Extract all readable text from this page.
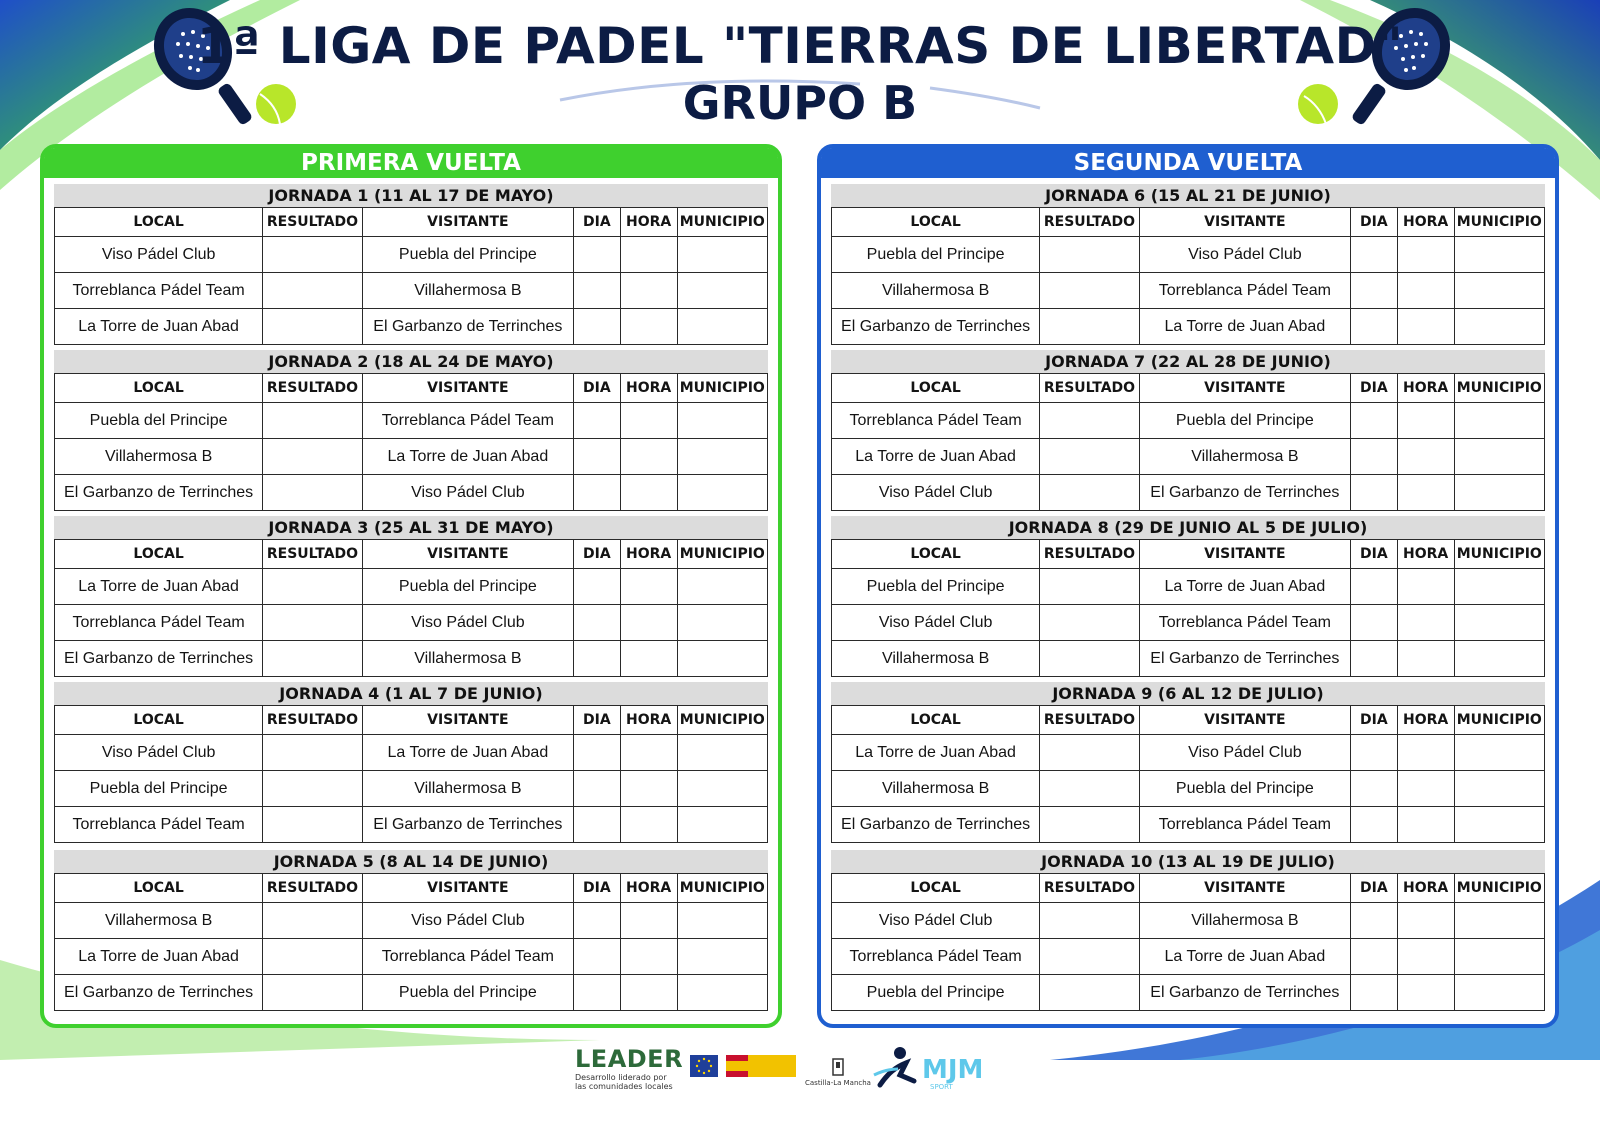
1ª LIGA DE PADEL "TIERRAS DE LIBERTAD"
GRUPO B
PRIMERA VUELTA
JORNADA 1 (11 AL 17 DE MAYO)
LOCAL	RESULTADO	VISITANTE	DIA	HORA	MUNICIPIO
Viso Pádel Club		Puebla del Principe			
Torreblanca Pádel Team		Villahermosa B			
La Torre de Juan Abad		El Garbanzo de Terrinches			
JORNADA 2 (18 AL 24 DE MAYO)
LOCAL	RESULTADO	VISITANTE	DIA	HORA	MUNICIPIO
Puebla del Principe		Torreblanca Pádel Team			
Villahermosa B		La Torre de Juan Abad			
El Garbanzo de Terrinches		Viso Pádel Club			
JORNADA 3 (25 AL 31 DE MAYO)
LOCAL	RESULTADO	VISITANTE	DIA	HORA	MUNICIPIO
La Torre de Juan Abad		Puebla del Principe			
Torreblanca Pádel Team		Viso Pádel Club			
El Garbanzo de Terrinches		Villahermosa B			
JORNADA 4 (1 AL 7 DE JUNIO)
LOCAL	RESULTADO	VISITANTE	DIA	HORA	MUNICIPIO
Viso Pádel Club		La Torre de Juan Abad			
Puebla del Principe		Villahermosa B			
Torreblanca Pádel Team		El Garbanzo de Terrinches			
JORNADA 5 (8 AL 14 DE JUNIO)
LOCAL	RESULTADO	VISITANTE	DIA	HORA	MUNICIPIO
Villahermosa B		Viso Pádel Club			
La Torre de Juan Abad		Torreblanca Pádel Team			
El Garbanzo de Terrinches		Puebla del Principe			
SEGUNDA VUELTA
JORNADA 6 (15 AL 21 DE JUNIO)
LOCAL	RESULTADO	VISITANTE	DIA	HORA	MUNICIPIO
Puebla del Principe		Viso Pádel Club			
Villahermosa B		Torreblanca Pádel Team			
El Garbanzo de Terrinches		La Torre de Juan Abad			
JORNADA 7 (22 AL 28 DE JUNIO)
LOCAL	RESULTADO	VISITANTE	DIA	HORA	MUNICIPIO
Torreblanca Pádel Team		Puebla del Principe			
La Torre de Juan Abad		Villahermosa B			
Viso Pádel Club		El Garbanzo de Terrinches			
JORNADA 8 (29 DE JUNIO AL 5 DE JULIO)
LOCAL	RESULTADO	VISITANTE	DIA	HORA	MUNICIPIO
Puebla del Principe		La Torre de Juan Abad			
Viso Pádel Club		Torreblanca Pádel Team			
Villahermosa B		El Garbanzo de Terrinches			
JORNADA 9 (6 AL 12 DE JULIO)
LOCAL	RESULTADO	VISITANTE	DIA	HORA	MUNICIPIO
La Torre de Juan Abad		Viso Pádel Club			
Villahermosa B		Puebla del Principe			
El Garbanzo de Terrinches		Torreblanca Pádel Team			
JORNADA 10 (13 AL 19 DE JULIO)
LOCAL	RESULTADO	VISITANTE	DIA	HORA	MUNICIPIO
Viso Pádel Club		Villahermosa B			
Torreblanca Pádel Team		La Torre de Juan Abad			
Puebla del Principe		El Garbanzo de Terrinches			
LEADER
Desarrollo liderado por
las comunidades locales	Castilla-La Mancha MJM
SPORT
